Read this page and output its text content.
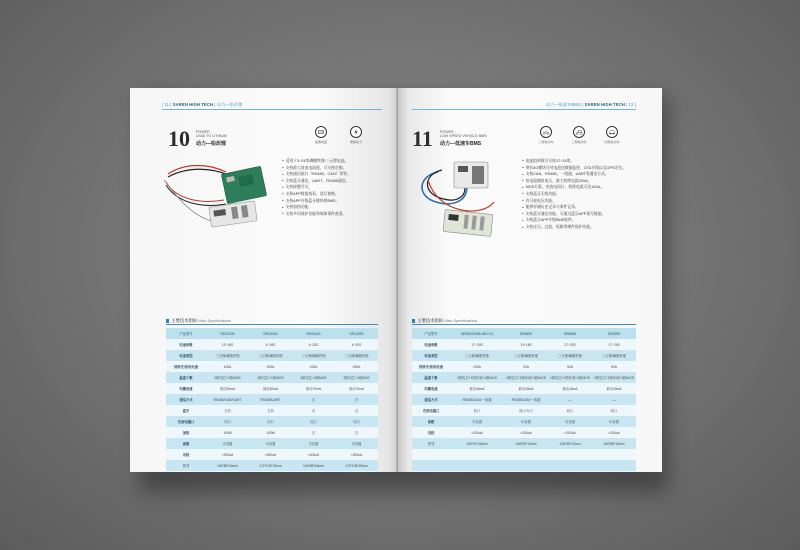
| 11 | SAREN HIGH TECH | 动力—铅改锂
10 POWER -
LEAD TO LITHIUM
动力—铅改锂	监测电量	增加动力
● 适用于3~24串磷酸铁锂/三元锂电池。
● 支持最大放电电流值，可支持定制。
● 支持通信接口（RS485，CAN）等等。
● 支持蓝牙通信，UART，RS485通信。
● 支持按键开关。
● 支持APP数据查看，读写参数。
● 支持APP升级蓝牙模块和BMS。
● 支持加热功能。
● 支持多项保护功能和故障事件查看。
主要技术指标Main Specifications
产品型号	DR12100	DR12200	DR24100	DR12200
电池串数	13~16S	4~16S	4~20S	4~20S
电池类型	三元锂/磷酸铁锂	三元锂/磷酸铁锂	三元锂/磷酸铁锂	三元锂/磷酸铁锂
持续充/放电电流	100A	200A	100A	200A
温度个数	2路电芯+1路MOS	2路电芯+1路MOS	2路电芯+1路MOS	2路电芯+1路MOS
均衡电流	被动30mA	被动30mA	被动70mA	被动70mA
通信方式	RS485/CAN/UART	RS485/UART	否	否
蓝牙	支持	支持	否	否
充放电端口	同口	同口	同口	同口
加热	100W	100W	否	否
参数	可设置	可设置	可设置	可设置
功耗	<200uA	<200uA	<100uA	<200uA
尺寸	160*85*16mm	172*105*22mm	160*85*16mm	172*105*22mm

动力—低速车BMS | SAREN HIGH TECH | 12 |
11 POWER -
LOW SPEED VEHICLE BMS
动力—低速车BMS	二轮电动车	三轮电动车	四轮电动车
● 电池组单数可支持17~24串。
● 带有4G模块可对电池包数据监控，OTA升级以及GPS定位。
● 支持CAN，RS485，一线通，UART等通讯方式。
● 铅电池模拟电压，最大持续电流200A。
● MOS方案，充放电同口，持续电流可达100A。
● 支持蓝牙无线功能。
● 有可视电压功能。
● 能够存储历史记录与事件记录。
● 支持蓝牙通信功能，可通过蓝牙APP读写数据。
● 支持蓝牙APP升级BMS软件。
● 支持过压，过流，短路等硬件保护功能。
主要技术指标Main Specifications
产品型号	DR2320200A-SKJ-V1	SR4820	SR6050	DR1250
电池串数	17~24S	13~16S	17~20S	17~24S
电池类型	三元锂/磷酸铁锂	三元锂/磷酸铁锂	三元锂/磷酸铁锂	三元锂/磷酸铁锂
持续充/放电电流	200A	20A	50A	50A
温度个数	1路电芯+1路环境+1路MOS	1路电芯+1路环境+1路MOS	1路电芯+1路环境+1路MOS	1路电芯+1路环境+1路MOS
均衡电流	被动40mA	被动40mA	被动40mA	被动40mA
通信方式	RS485/CAN/一线通	RS485/CAN/一线通	—	—
充放电端口	同口	同口/分口	同口	同口
参数	可设置	可设置	可设置	可设置
功耗	<200uA	<200uA	<200uA	<200uA
尺寸	192*91*16mm	146*95*13mm	146*95*13mm	160*85*16mm
